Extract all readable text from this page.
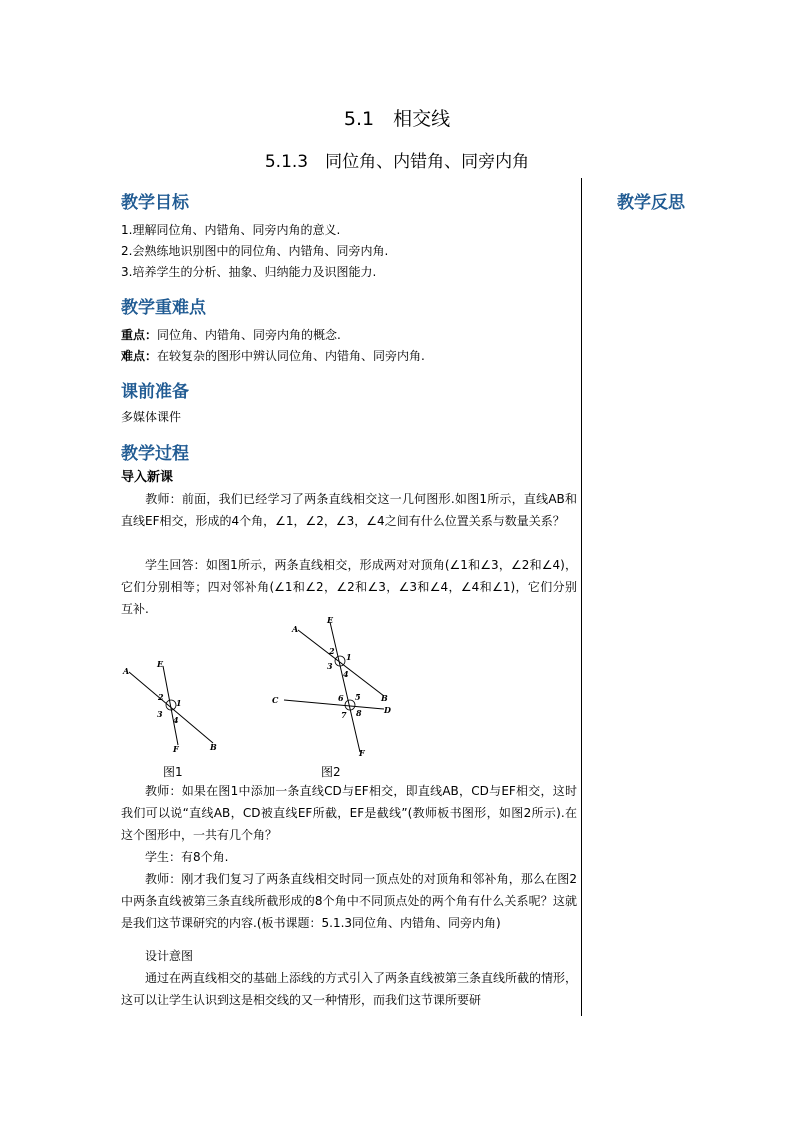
5.1　相交线
5.1.3　同位角、内错角、同旁内角
教学反思
教学目标
1.理解同位角、内错角、同旁内角的意义.
2.会熟练地识别图中的同位角、内错角、同旁内角.
3.培养学生的分析、抽象、归纳能力及识图能力.
教学重难点
重点：同位角、内错角、同旁内角的概念.
难点：在较复杂的图形中辨认同位角、内错角、同旁内角.
课前准备
多媒体课件
教学过程
导入新课
教师：前面，我们已经学习了两条直线相交这一几何图形.如图1所示，直线AB和直线EF相交，形成的4个角，∠1，∠2，∠3，∠4之间有什么位置关系与数量关系？
学生回答：如图1所示，两条直线相交，形成两对对顶角(∠1和∠3，∠2和∠4)，它们分别相等；四对邻补角(∠1和∠2，∠2和∠3，∠3和∠4，∠4和∠1)，它们分别互补.
A
E
F	B
1
2
3
4
图1
A
E
C	B
D
F
1
2
3
4
5
6
7 8
图2
教师：如果在图1中添加一条直线CD与EF相交，即直线AB，CD与EF相交，这时我们可以说“直线AB，CD被直线EF所截，EF是截线”(教师板书图形，如图2所示).在这个图形中，一共有几个角？
学生：有8个角.
教师：刚才我们复习了两条直线相交时同一顶点处的对顶角和邻补角，那么在图2中两条直线被第三条直线所截形成的8个角中不同顶点处的两个角有什么关系呢？这就是我们这节课研究的内容.(板书课题：5.1.3同位角、内错角、同旁内角)
设计意图
通过在两直线相交的基础上添线的方式引入了两条直线被第三条直线所截的情形，这可以让学生认识到这是相交线的又一种情形，而我们这节课所要研
